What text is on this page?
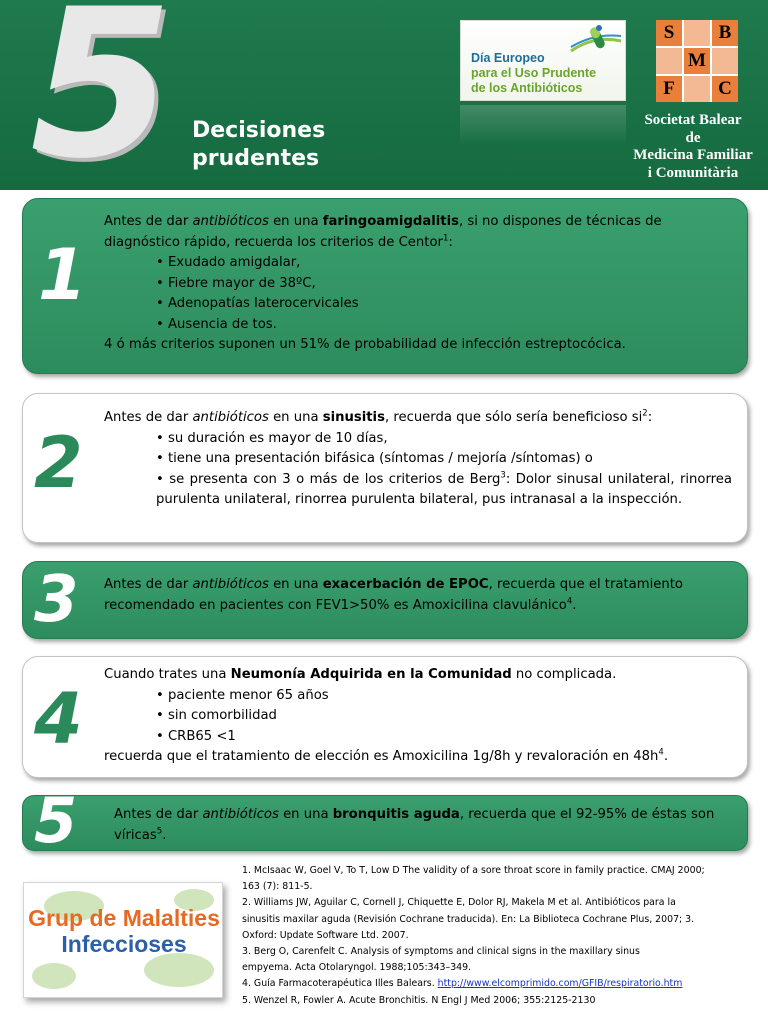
5 Decisiones
prudentes
Día Europeo
para el Uso Prudente
de los Antibióticos
S	B
M
F	C
Societat Balear
de
Medicina Familiar
i Comunitària
1
Antes de dar antibióticos en una faringoamigdalitis, si no dispones de técnicas de
diagnóstico rápido, recuerda los criterios de Centor$^1$:
• Exudado amigdalar,
• Fiebre mayor de 38ºC,
• Adenopatías laterocervicales
• Ausencia de tos.
4 ó más criterios suponen un 51% de probabilidad de infección estreptocócica.
2
Antes de dar antibióticos en una sinusitis, recuerda que sólo sería beneficioso $si^2$:
• su duración es mayor de 10 días,
• tiene una presentación bifásica (síntomas / mejoría /síntomas) o
• se presenta con 3 o más de los criterios de Berg$^3$: Dolor sinusal unilateral, rinorrea purulenta unilateral, rinorrea purulenta bilateral, pus intranasal a la inspección.
3 Antes de dar antibióticos en una exacerbación de EPOC, recuerda que el tratamiento
recomendado en pacientes con FEV1>50% es Amoxicilina clavulánico$^4$.
4
Cuando trates una Neumonía Adquirida en la Comunidad no complicada.
• paciente menor 65 años
• sin comorbilidad
• CRB65 <1
recuerda que el tratamiento de elección es Amoxicilina 1g/8h y revaloración en $48h^4$.
5	Antes de dar antibióticos en una bronquitis aguda, recuerda que el 92-95% de éstas son
víricas$^5$.
Grup de Malalties
Infeccioses
1. McIsaac W, Goel V, To T, Low D The validity of a sore throat score in family practice. CMAJ 2000;
163 (7): 811-5.
2. Williams JW, Aguilar C, Cornell J, Chiquette E, Dolor RJ, Makela M et al. Antibióticos para la
sinusitis maxilar aguda (Revisión Cochrane traducida). En: La Biblioteca Cochrane Plus, 2007; 3.
Oxford: Update Software Ltd. 2007.
3. Berg O, Carenfelt C. Analysis of symptoms and clinical signs in the maxillary sinus
empyema. Acta Otolaryngol. 1988;105:343–349.
4. Guía Farmacoterapéutica Illes Balears. http://www.elcomprimido.com/GFIB/respiratorio.htm
5. Wenzel R, Fowler A. Acute Bronchitis. N Engl J Med 2006; 355:2125-2130
